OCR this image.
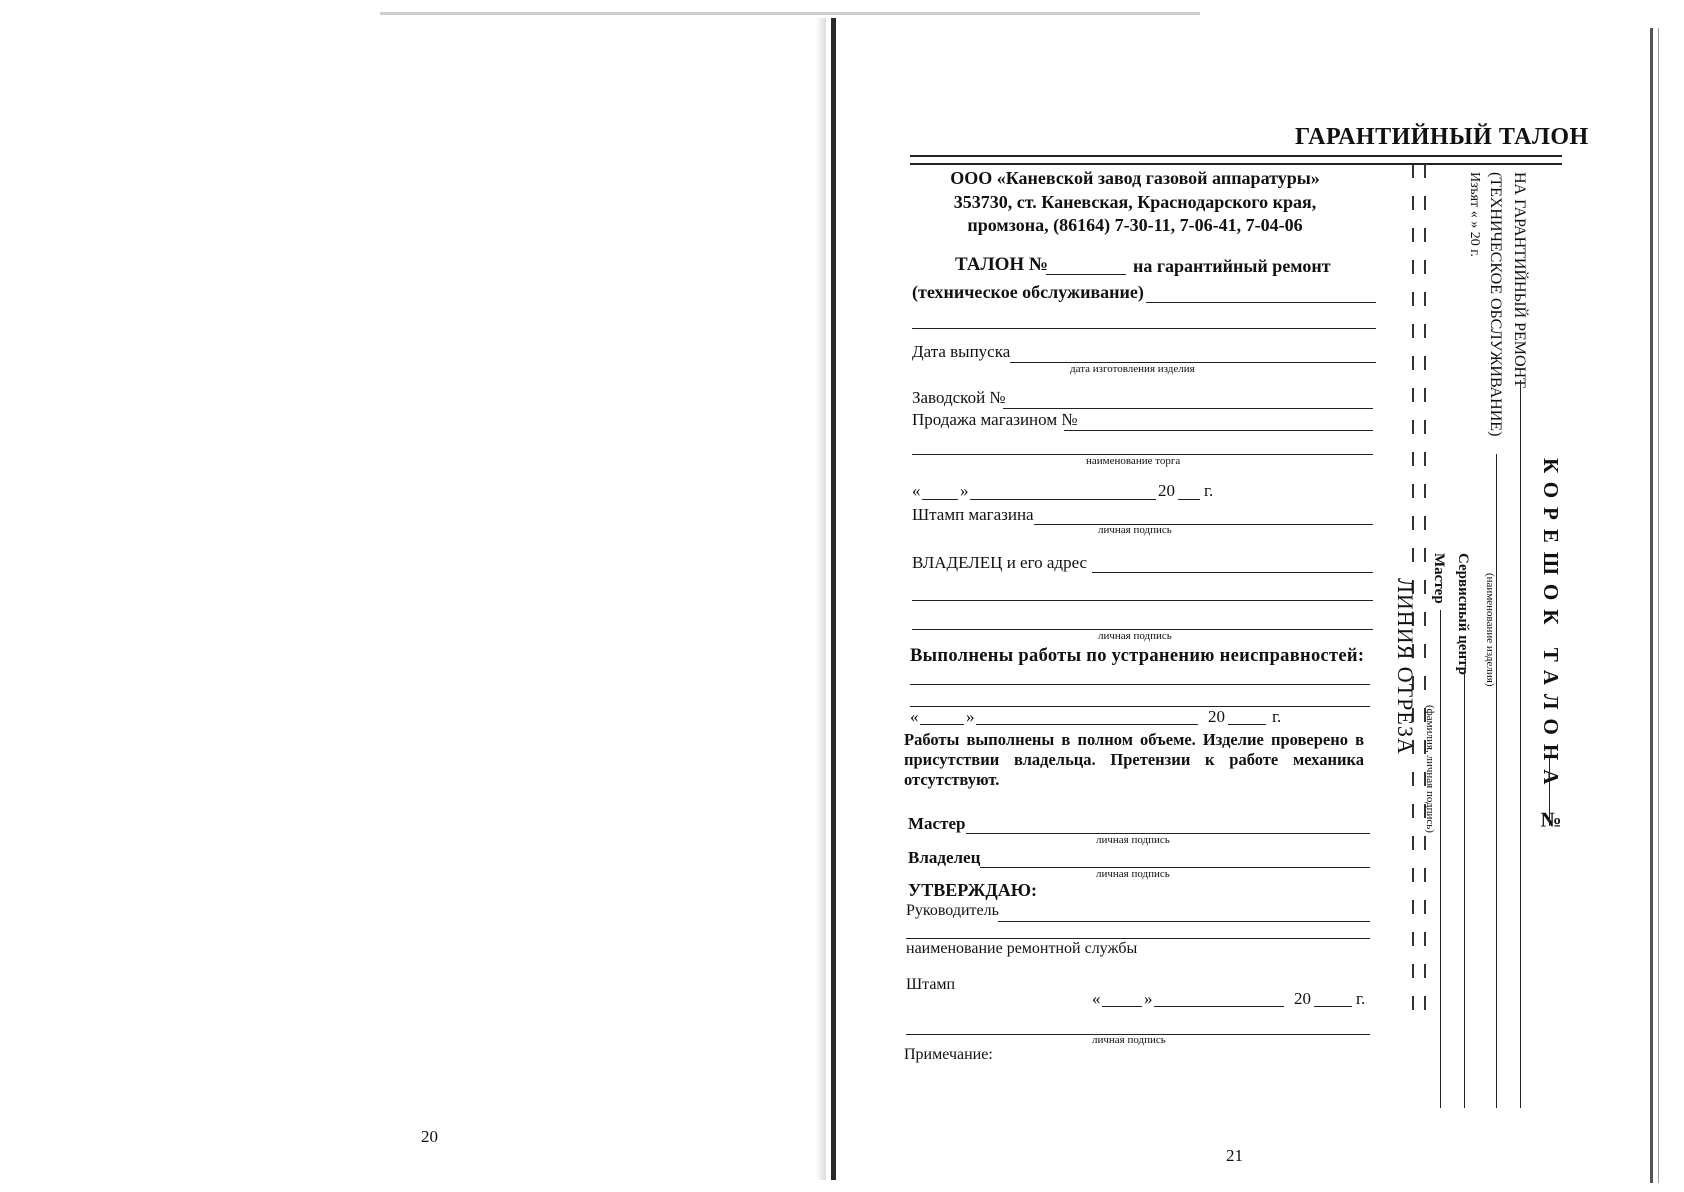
20
ГАРАНТИЙНЫЙ ТАЛОН
ООО «Каневской завод газовой аппаратуры»
353730, ст. Каневская, Краснодарского края,
промзона, (86164) 7-30-11, 7-06-41, 7-04-06
ТАЛОН №	на гарантийный ремонт
(техническое обслуживание)
Дата выпуска
дата изготовления изделия
Заводской №
Продажа магазином №
наименование торга
« »	20 г.
Штамп магазина
личная подпись
ВЛАДЕЛЕЦ и его адрес
личная подпись
Выполнены работы по устранению неисправностей:
«	»	20	г.
Работы выполнены в полном объеме. Изделие проверено в присутствии владельца. Претензии к работе механика отсутствуют.
Мастер
личная подпись
Владелец
личная подпись
УТВЕРЖДАЮ:
Руководитель
наименование ремонтной службы
Штамп
«	»	20	г.
личная подпись
Примечание:
21
ЛИНИЯ ОТРЕЗА	КОРЕШОК ТАЛОНА №
НА ГАРАНТИЙНЫЙ РЕМОНТ
(ТЕХНИЧЕСКОЕ ОБСЛУЖИВАНИЕ)
Изъят « » 20 г.
(наименование изделия)
Сервисный центр
Мастер
(фамилия, личная подпись)
